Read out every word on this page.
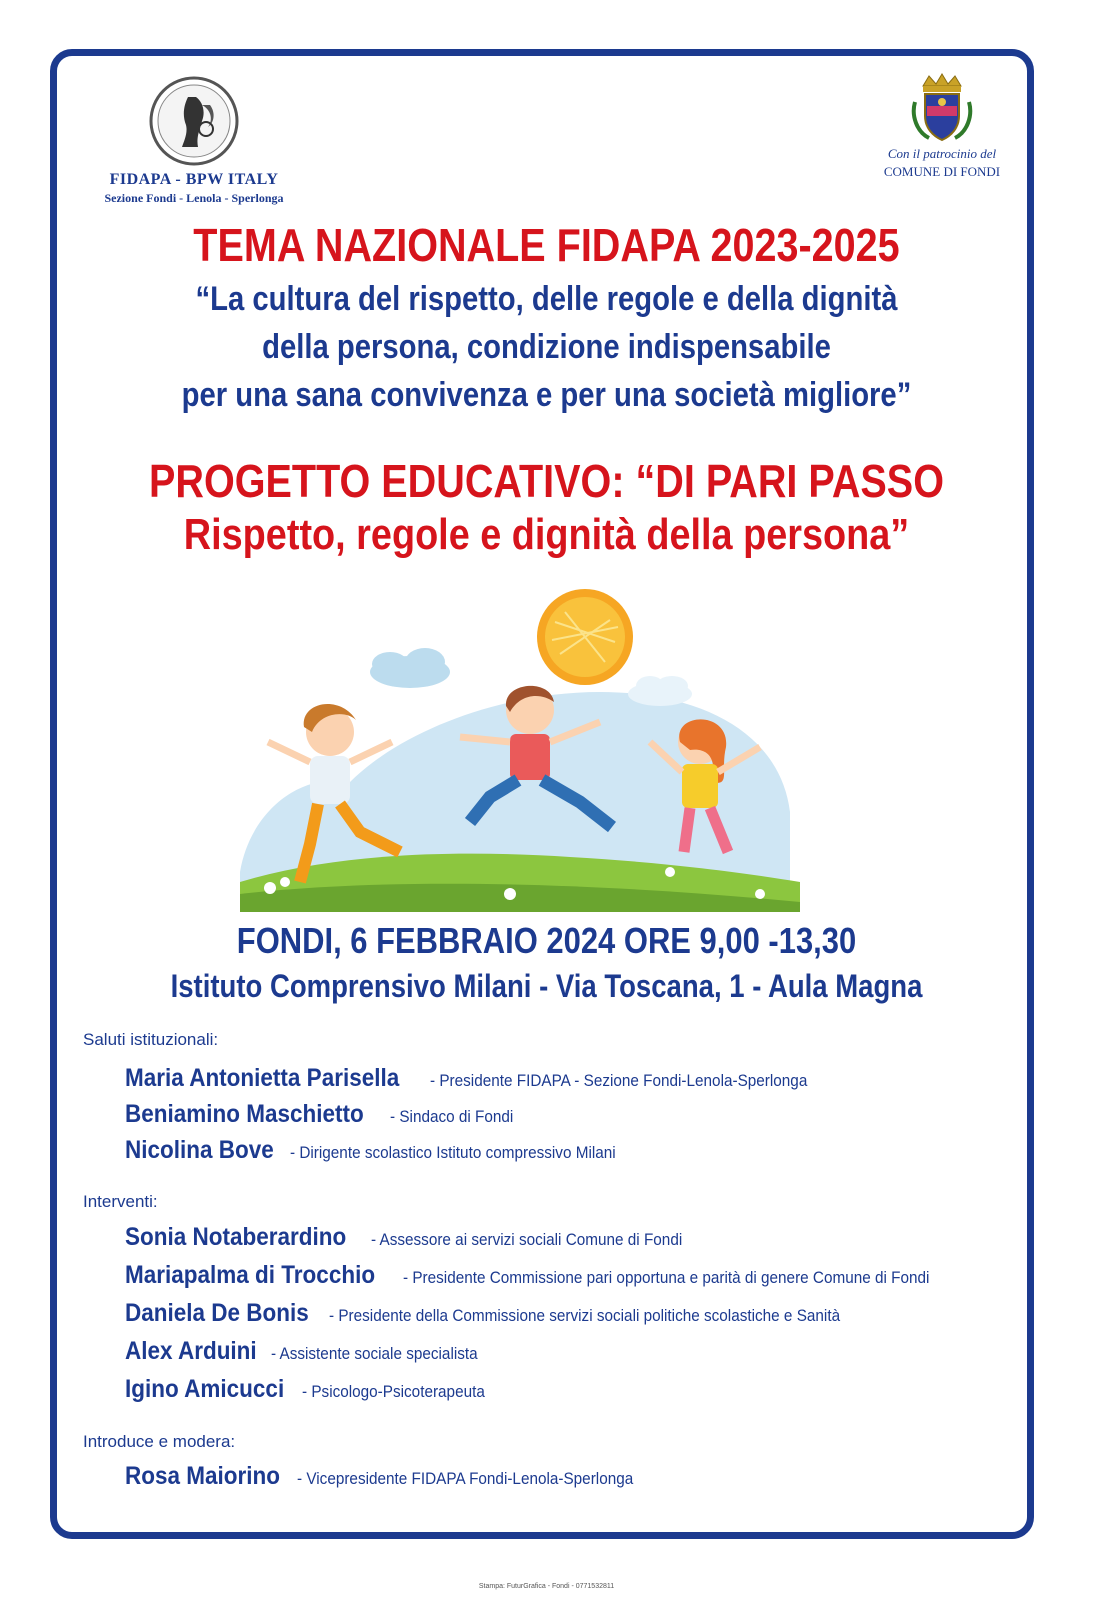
FIDAPA - BPW ITALY
Sezione Fondi - Lenola - Sperlonga
Con il patrocinio del
COMUNE DI FONDI
TEMA NAZIONALE FIDAPA 2023-2025
“La cultura del rispetto, delle regole e della dignità
della persona, condizione indispensabile
per una sana convivenza e per una società migliore”
PROGETTO EDUCATIVO: “DI PARI PASSO
Rispetto, regole e dignità della persona”
FONDI, 6 FEBBRAIO 2024 ORE 9,00 -13,30
Istituto Comprensivo Milani - Via Toscana, 1 - Aula Magna
Saluti istituzionali:
Maria Antonietta Parisella- Presidente FIDAPA - Sezione Fondi-Lenola-Sperlonga
Beniamino Maschietto- Sindaco di Fondi
Nicolina Bove- Dirigente scolastico Istituto compressivo Milani
Interventi:
Sonia Notaberardino- Assessore ai servizi sociali Comune di Fondi
Mariapalma di Trocchio- Presidente Commissione pari opportuna e parità di genere Comune di Fondi
Daniela De Bonis- Presidente della Commissione servizi sociali politiche scolastiche e Sanità
Alex Arduini- Assistente sociale specialista
Igino Amicucci- Psicologo-Psicoterapeuta
Introduce e modera:
Rosa Maiorino- Vicepresidente FIDAPA Fondi-Lenola-Sperlonga
Stampa: FuturGrafica - Fondi - 0771532811
